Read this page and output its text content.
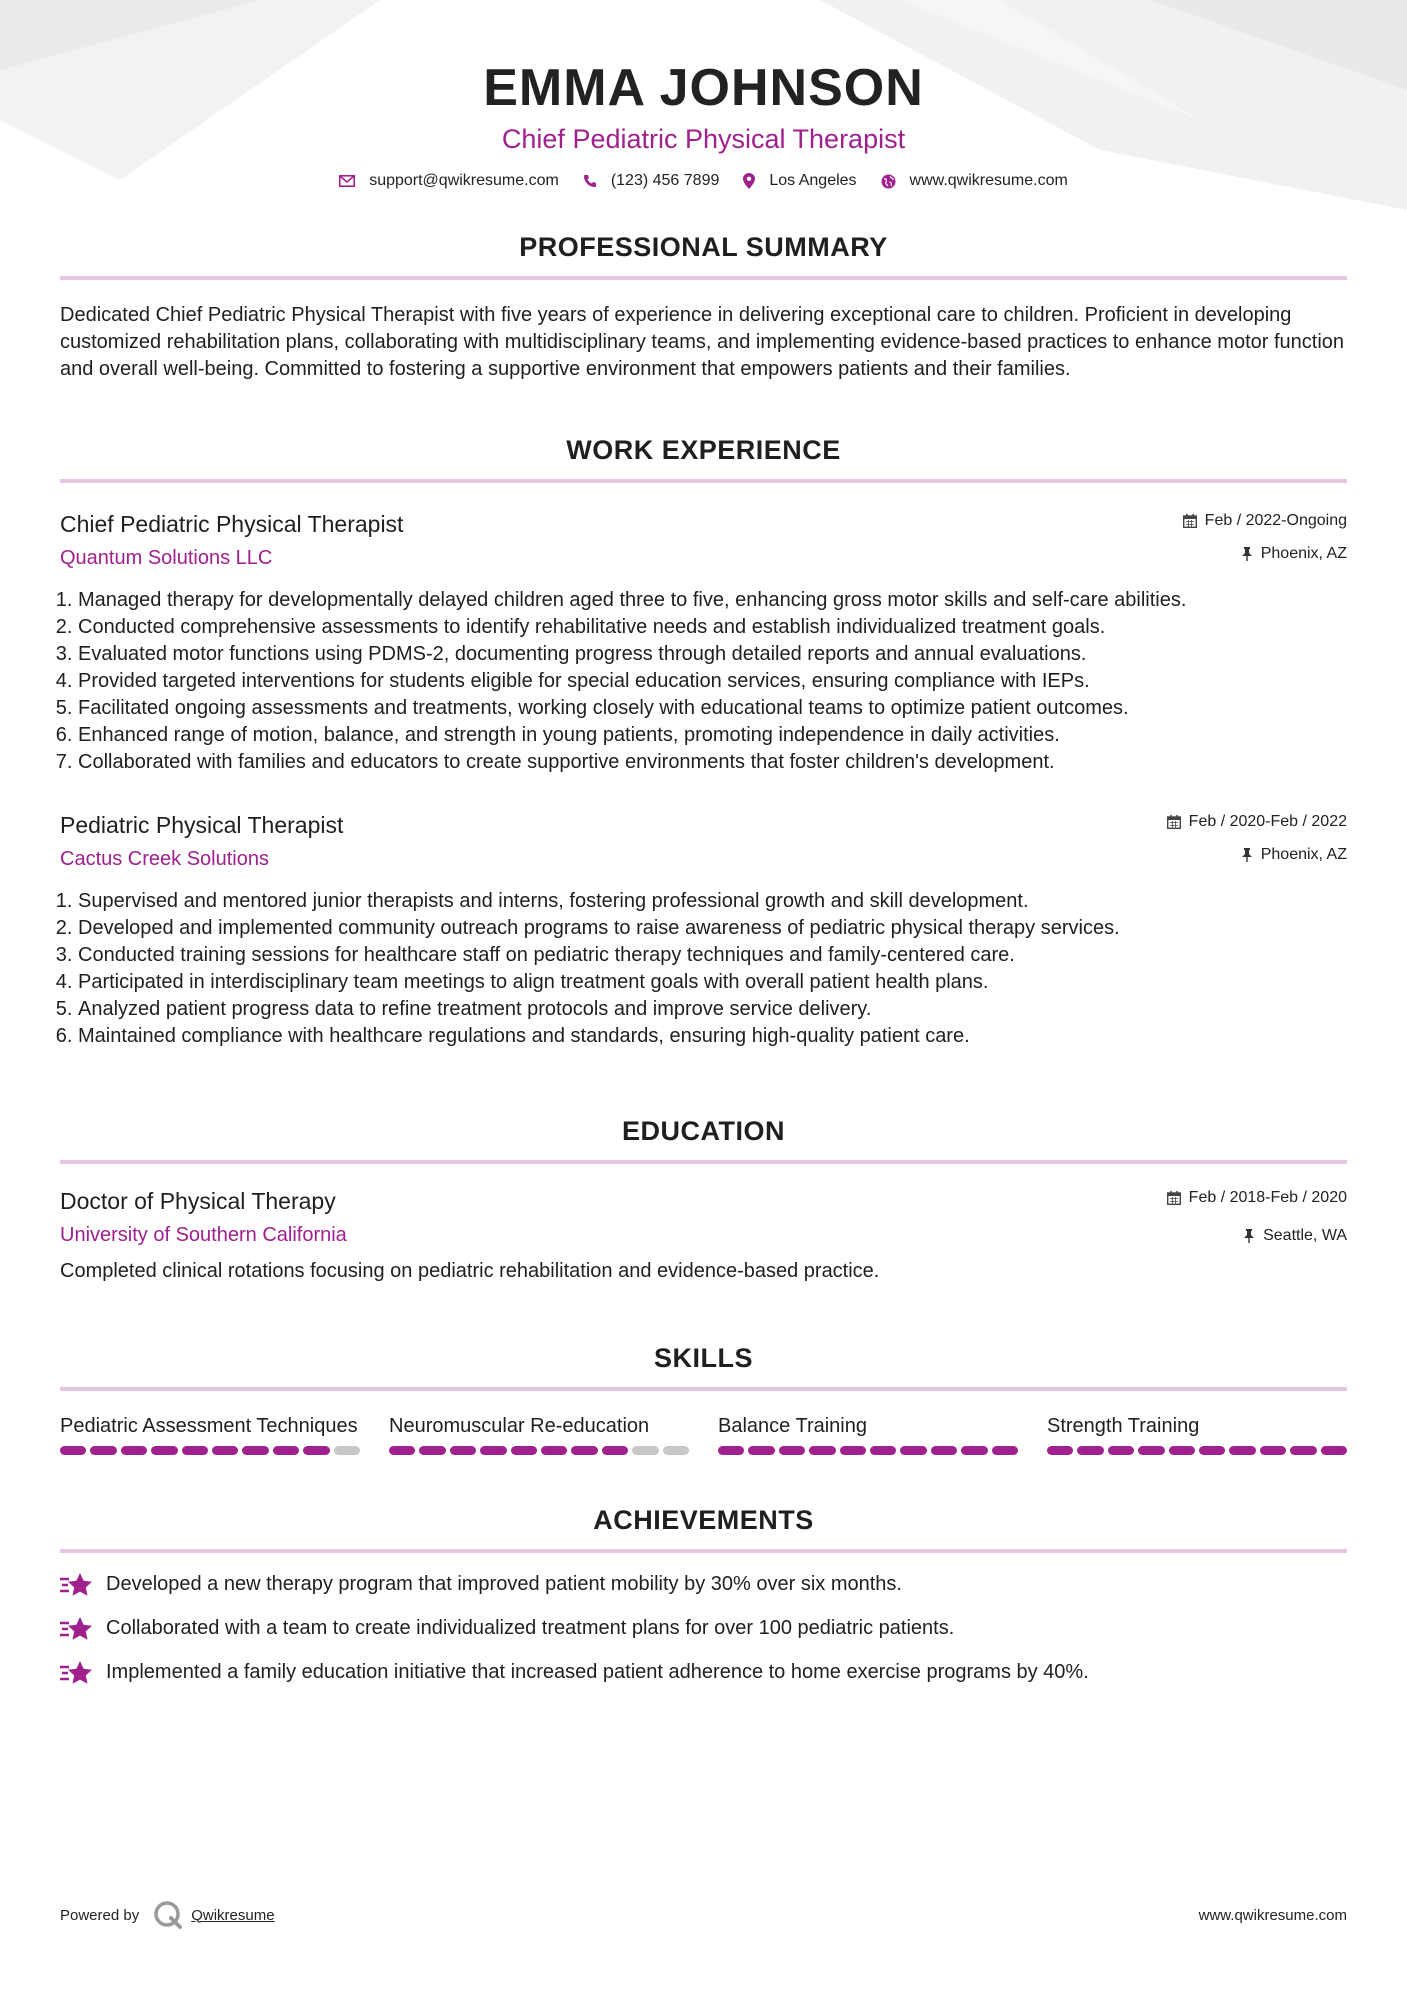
EMMA JOHNSON
Chief Pediatric Physical Therapist
support@qwikresume.com	(123) 456 7899	Los Angeles	www.qwikresume.com
PROFESSIONAL SUMMARY

Dedicated Chief Pediatric Physical Therapist with five years of experience in delivering exceptional care to children. Proficient in developing customized rehabilitation plans, collaborating with multidisciplinary teams, and implementing evidence-based practices to enhance motor function and overall well-being. Committed to fostering a supportive environment that empowers patients and their families.

WORK EXPERIENCE
Chief Pediatric Physical Therapist
Quantum Solutions LLC
Feb / 2022-Ongoing
Phoenix, AZ
1. Managed therapy for developmentally delayed children aged three to five, enhancing gross motor skills and self-care abilities.
2. Conducted comprehensive assessments to identify rehabilitative needs and establish individualized treatment goals.
3. Evaluated motor functions using PDMS-2, documenting progress through detailed reports and annual evaluations.
4. Provided targeted interventions for students eligible for special education services, ensuring compliance with IEPs.
5. Facilitated ongoing assessments and treatments, working closely with educational teams to optimize patient outcomes.
6. Enhanced range of motion, balance, and strength in young patients, promoting independence in daily activities.
7. Collaborated with families and educators to create supportive environments that foster children's development.
Pediatric Physical Therapist
Cactus Creek Solutions
Feb / 2020-Feb / 2022
Phoenix, AZ
1. Supervised and mentored junior therapists and interns, fostering professional growth and skill development.
2. Developed and implemented community outreach programs to raise awareness of pediatric physical therapy services.
3. Conducted training sessions for healthcare staff on pediatric therapy techniques and family-centered care.
4. Participated in interdisciplinary team meetings to align treatment goals with overall patient health plans.
5. Analyzed patient progress data to refine treatment protocols and improve service delivery.
6. Maintained compliance with healthcare regulations and standards, ensuring high-quality patient care.
EDUCATION
Doctor of Physical Therapy
University of Southern California
Feb / 2018-Feb / 2020
Seattle, WA
Completed clinical rotations focusing on pediatric rehabilitation and evidence-based practice.
SKILLS
Pediatric Assessment Techniques Neuromuscular Re-education	Balance Training	Strength Training
ACHIEVEMENTS
Developed a new therapy program that improved patient mobility by 30% over six months.
Collaborated with a team to create individualized treatment plans for over 100 pediatric patients.
Implemented a family education initiative that increased patient adherence to home exercise programs by 40%.
Powered by	Qwikresume	www.qwikresume.com
